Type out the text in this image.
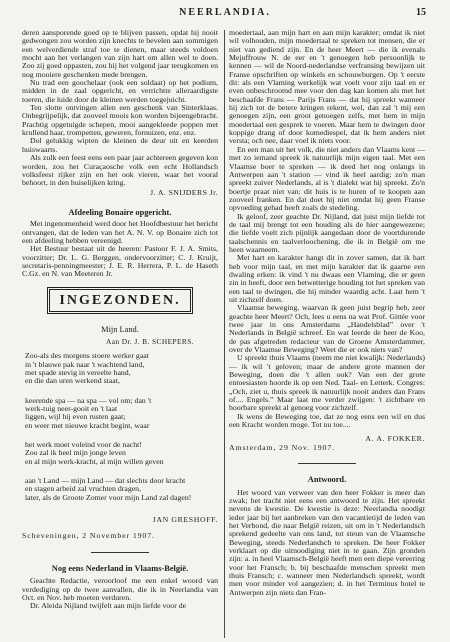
NEERLANDIA.	15

deren aansporende goed op te blijven passen, opdat hij nooit gedwongen zou worden zijn knechts te bevelen aan sommigen een welverdiende straf toe te dienen, maar steeds voldoen mocht aan het verlangen van zijn hart om allen wel te doen. Zoo zij goed oppasten, zou hij het volgend jaar terugkomen en nog mooiere geschenken mede brengen.

Nu trad een goochelaar (ook een soldaat) op het podium, midden in de zaal opgericht, en verrichtte alleraardigste toeren, die luide door de kleinen werden toegejuicht.

Ten slotte ontvingen allen een geschenk van Sinterklaas. Onbegrijpelijk, dat zooveel moois kon worden bijeengebracht. Prachtig opgetuigde schepen, mooi aangekleede poppen met krullend haar, trompetten, geweren, fornuizen, enz. enz.

Dol gelukkig wipten de kleinen de deur uit en keerden huiswaarts.

Als zulk een feest eens een paar jaar achtereen gegeven kon worden, zou het Curaçaosche volk een echt Hollandsch volksfeest rijker zijn en het ook vieren, waar het vooral behoort, in den huiselijken kring.

J. A. SNIJDERS Jr.
Afdeeling Bonaire opgericht.

Met ingenomenheid werd door het Hoofdbestuur het bericht ontvangen, dat de leden van het A. N. V. op Bonaire zich tot een afdeeling hebben vereenigd.

Het Bestuur bestaat uit de heeren: Pastoor F. J. A. Smits, voorzitter; Dr. L. G. Berggen, ondervoorzitter; C. J. Kruijt, secretaris-penningmeester; J. E. R. Herrera, P. L. de Haseth C.Gz. en N. van Meeteren Jr.

INGEZONDEN.
Mijn Land.
Aan Dr. J. B. SCHEPERS.
Zoo-als des morgens stoere werker gaat
in 't blauwe pak naar 't wachtend land,
met spade stevig in vereelte hand,
en die dan uren werkend staat,
keerende spa — na spa — vol om; dan 't
werk-tuig neer-gooit en 't laat
liggen, wijl hij even rusten gaat;
en weer met nieuwe kracht begint, waar
het werk moet voleind voor de nacht!
Zoo zal ik heel mijn jonge leven
en al mijn werk-kracht, al mijn willen geven
aan 't Land — mijn Land — dat slechts door kracht
en stagen arbeid zal vruchten dragen,
later, als de Groote Zomer voor mijn Land zal dagen!
JAN GRESHOFF.
Scheveningen, 2 November 1907.
Nog eens Nederland in Vlaams-België.

Geachte Redactie, veroorloof me een enkel woord van verdediging op de twee aanvallen, die ik in Neerlandia van Oct. en Nov. heb moeten verduren.

Dr. Aleida Nijland twijfelt aan mijn liefde voor de

moedertaal, aan mijn hart en aan mijn karakter; omdat ik niet wil volhouden, mijn moedertaal te spreken tot mensen, die er niet van gediend zijn. En de heer Meert — die ik evenals Mejuffrouw N. de eer en 't genoegen heb persoonlijk te kennen — wil de Noord-nederlandse verfransing bewijzen uit Franse opschriften op winkels en schouwburgen. Op 't eerste dit: als een Vlaming werkelijk wat voelt voor zijn taal en er even onbeschroomd mee voor den dag kan komen als met het beschaafde Frans — Parijs Frans — dat hij spreekt wanneer hij zich tot de betere kringen rekent, wel, dan zal 't mij een genoegen zijn, een groot genoegen zelfs, met hem in mijn moedertaal een gesprek te voeren. Maar hem te dwingen door koppige drang of door komediespel, dat ik hem anders niet versta; och nee, daar voel ik niets voor.

En een man uit het volk, die niet anders dan Vlaams kent — met zo iemand spreek ik natuurlijk mijn eigen taal. Met een Vlaamse boer te spreken — ik deed het nog onlangs in Antwerpen aan 't station — vind ik heel aardig; zo'n man spreekt zuiver Nederlands, al is 't dialekt wat hij spreekt. Zo'n boertje praat niet van: dit huis is te huren of te koopen aan zooveel franken. En dat doet hij niet omdat hij geen Franse opvoeding gehad heeft zoals de stedeling.

Ik geloof, zeer geachte Dr. Nijland, dat juist mijn liefde tot de taal mij brengt tot een houding als de hier aangewezene; die liefde voelt zich pijnlijk aangedaan door de voortdurende taalschennis en taalverloochening, die ik in België om me heen waarneem.

Met hart en karakter hangt dit in zover samen, dat ik hart heb voor mijn taal, en met mijn karakter dat ik gaarne een dwaling erken: ik vind 't nu dwaas een Vlaming, die er geen zin in heeft, door een betwetterige houding tot het spreken van een taal te dwingen, die hij minder waardig acht. Laat hem 't uit zichzelf doen.

Vlaamse beweging, waarvan ik geen juist begrip heb, zeer geachte heer Meert? Och, lees u eens na wat Prof. Gittée voor twee jaar in ons Amsterdams „Handelsblad” over 't Nederlands in België schreef. En wat leerde de heer de Koo, de pas afgetreden redacteur van de Groene Amsterdammer, over de Vlaamse Beweging? Weet die er ook niets van?

U spreekt thuis Vlaams (neem me niet kwalijk: Nederlands) — ik wil 't geloven; maar de andere grote mannen der Beweging, doen die 't allen ook? Van een der grote entoesiasten hoorde ik op een Ned. Taal- en Letterk. Congres: „Och, ziet u, thuis spreek ik natuurlijk nooit anders dan Frans of.... Engels.” Maar laat me verder zwijgen: 't zichtbare en hoorbare spreekt al genoeg voor zichzelf.

Ik wens de Beweging toe, dat ze nog eens een wil en dus een Kracht worden moge. Tot nu toe....

A. A. FOKKER.
Amsterdam, 29 Nov. 1907.
Antwoord.

Het woord van verweer van den heer Fokker is meer dan zwak; het tracht niet eens een antwoord te zijn. Het spreekt nevens de kwestie. De kwestie is deze: Neerlandia noodigt ieder jaar bij het aanbreken van den vacantietijd de leden van het Verbond, die naar België reizen, uit om in 't Nederlandsch sprekend gedeelte van ons land, tot steun van de Vlaamsche Beweging, steeds Nederlandsch te spreken. De heer Fokker verklaart op die uitnoodiging niet in te gaan. Zijn gronden zijn: a. in heel Vlaamsch-België heeft men een diepe vereering voor het Fransch; b. bij beschaafde menschen spreekt men thuis Fransch; c. wanneer men Nederlandsch spreekt, wordt men voor minder vol aangezien; d. in het Terminus hotel te Antwerpen zijn niets dan Fran-
